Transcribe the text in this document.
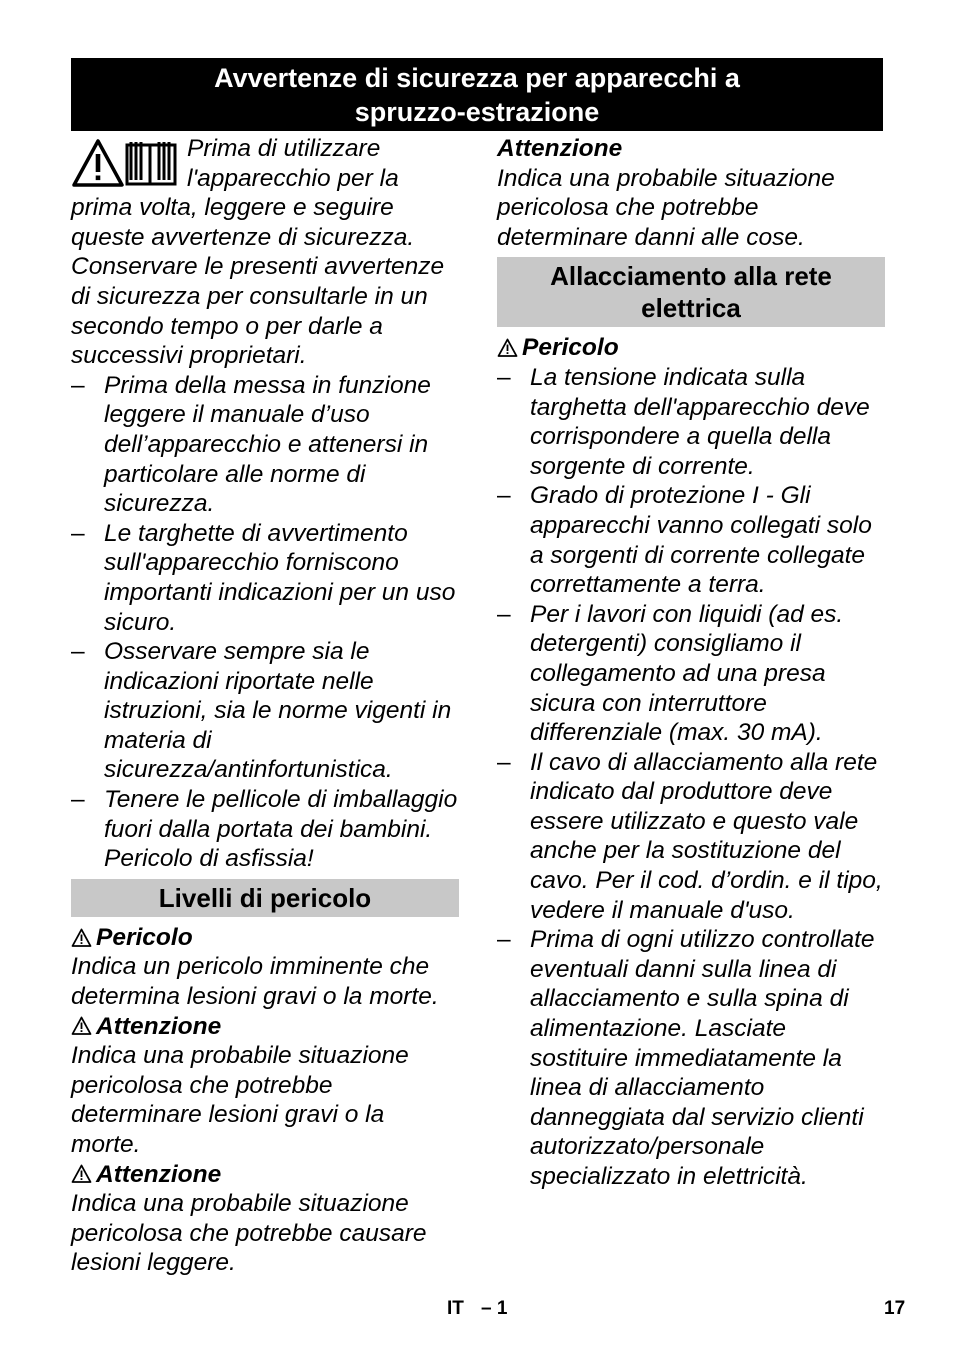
Avvertenze di sicurezza per apparecchi a
spruzzo-estrazione

Prima di utilizzare l'apparecchio per la prima volta, leggere e seguire queste avvertenze di sicurezza. Conservare le presenti avvertenze di sicurezza per consultarle in un secondo tempo o per darle a successivi proprietari.

– Prima della messa in funzione leggere il manuale d’uso dell’apparecchio e attenersi in particolare alle norme di sicurezza.
– Le targhette di avvertimento sull'apparecchio forniscono importanti indicazioni per un uso sicuro.
– Osservare sempre sia le indicazioni riportate nelle istruzioni, sia le norme vigenti in materia di sicurezza/antinfortunistica.
– Tenere le pellicole di imballaggio fuori dalla portata dei bambini. Pericolo di asfissia!
Livelli di pericolo
Pericolo

Indica un pericolo imminente che determina lesioni gravi o la morte.

Attenzione

Indica una probabile situazione pericolosa che potrebbe determinare lesioni gravi o la morte.

Attenzione

Indica una probabile situazione pericolosa che potrebbe causare lesioni leggere.

Attenzione

Indica una probabile situazione pericolosa che potrebbe determinare danni alle cose.

Allacciamento alla rete elettrica
Pericolo
– La tensione indicata sulla targhetta dell'apparecchio deve corrispondere a quella della sorgente di corrente.
– Grado di protezione I - Gli apparecchi vanno collegati solo a sorgenti di corrente collegate correttamente a terra.
– Per i lavori con liquidi (ad es. detergenti) consigliamo il collegamento ad una presa sicura con interruttore differenziale (max. 30 mA).
– Il cavo di allacciamento alla rete indicato dal produttore deve essere utilizzato e questo vale anche per la sostituzione del cavo. Per il cod. d’ordin. e il tipo, vedere il manuale d'uso.
– Prima di ogni utilizzo controllate eventuali danni sulla linea di allacciamento e sulla spina di alimentazione. Lasciate sostituire immediatamente la linea di allacciamento danneggiata dal servizio clienti autorizzato/personale specializzato in elettricità.
IT – 1	17
